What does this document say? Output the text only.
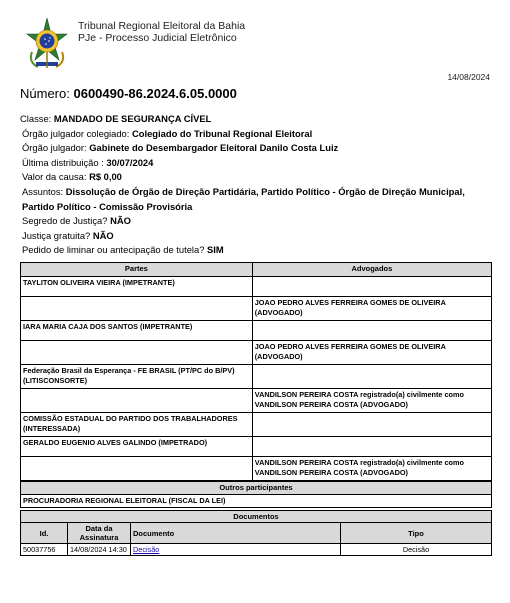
Tribunal Regional Eleitoral da Bahia
PJe - Processo Judicial Eletrônico
14/08/2024
Número: 0600490-86.2024.6.05.0000
Classe: MANDADO DE SEGURANÇA CÍVEL
Órgão julgador colegiado: Colegiado do Tribunal Regional Eleitoral
Órgão julgador: Gabinete do Desembargador Eleitoral Danilo Costa Luiz
Última distribuição : 30/07/2024
Valor da causa: R$ 0,00
Assuntos: Dissolução de Órgão de Direção Partidária, Partido Político - Órgão de Direção Municipal, Partido Político - Comissão Provisória
Segredo de Justiça? NÃO
Justiça gratuita? NÃO
Pedido de liminar ou antecipação de tutela? SIM
Partes	Advogados
TAYLITON OLIVEIRA VIEIRA (IMPETRANTE)	
	JOAO PEDRO ALVES FERREIRA GOMES DE OLIVEIRA (ADVOGADO)
IARA MARIA CAJA DOS SANTOS (IMPETRANTE)	
	JOAO PEDRO ALVES FERREIRA GOMES DE OLIVEIRA (ADVOGADO)
Federação Brasil da Esperança - FE BRASIL (PT/PC do B/PV) (LITISCONSORTE)	
	VANDILSON PEREIRA COSTA registrado(a) civilmente como VANDILSON PEREIRA COSTA (ADVOGADO)
COMISSÃO ESTADUAL DO PARTIDO DOS TRABALHADORES (INTERESSADA)	
GERALDO EUGENIO ALVES GALINDO (IMPETRADO)	
	VANDILSON PEREIRA COSTA registrado(a) civilmente como VANDILSON PEREIRA COSTA (ADVOGADO)
Outros participantes
PROCURADORIA REGIONAL ELEITORAL (FISCAL DA LEI)
Documentos			
Id.	Data da Assinatura	Documento	Tipo
50037756	14/08/2024 14:30	Decisão	Decisão
